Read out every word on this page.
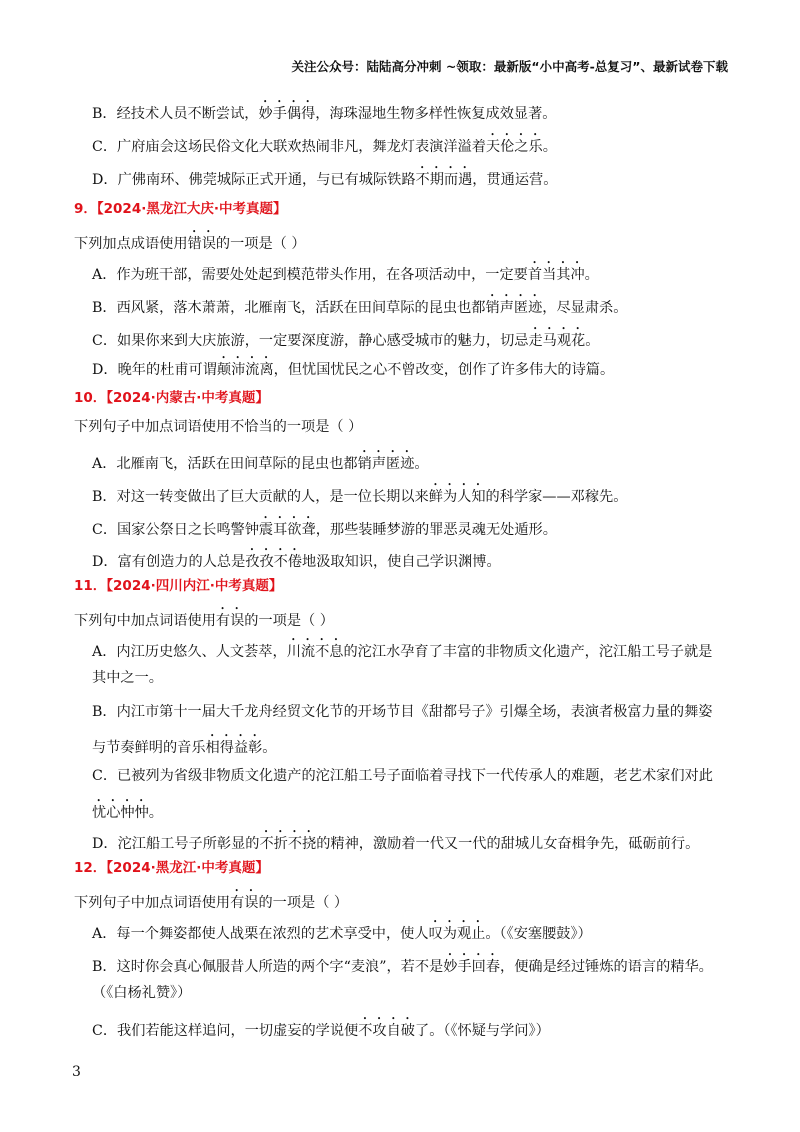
关注公众号：陆陆高分冲刺 ~领取：最新版“小中高考-总复习”、最新试卷下载
B．经技术人员不断尝试，妙手偶得，海珠湿地生物多样性恢复成效显著。
C．广府庙会这场民俗文化大联欢热闹非凡，舞龙灯表演洋溢着天伦之乐。
D．广佛南环、佛莞城际正式开通，与已有城际铁路不期而遇，贯通运营。
9．【2024·黑龙江大庆·中考真题】
下列加点成语使用错误的一项是（ ）
A．作为班干部，需要处处起到模范带头作用，在各项活动中，一定要首当其冲。
B．西风紧，落木萧萧，北雁南飞，活跃在田间草际的昆虫也都销声匿迹，尽显肃杀。
C．如果你来到大庆旅游，一定要深度游，静心感受城市的魅力，切忌走马观花。
D．晚年的杜甫可谓颠沛流离，但忧国忧民之心不曾改变，创作了许多伟大的诗篇。
10．【2024·内蒙古·中考真题】
下列句子中加点词语使用不恰当的一项是（ ）
A．北雁南飞，活跃在田间草际的昆虫也都销声匿迹。
B．对这一转变做出了巨大贡献的人，是一位长期以来鲜为人知的科学家——邓稼先。
C．国家公祭日之长鸣警钟震耳欲聋，那些装睡梦游的罪恶灵魂无处遁形。
D．富有创造力的人总是孜孜不倦地汲取知识，使自己学识渊博。
11．【2024·四川内江·中考真题】
下列句中加点词语使用有误的一项是（ ）
A．内江历史悠久、人文荟萃，川流不息的沱江水孕育了丰富的非物质文化遗产，沱江船工号子就是
其中之一。
B．内江市第十一届大千龙舟经贸文化节的开场节目《甜都号子》引爆全场，表演者极富力量的舞姿
与节奏鲜明的音乐相得益彰。
C．已被列为省级非物质文化遗产的沱江船工号子面临着寻找下一代传承人的难题，老艺术家们对此
忧心忡忡。
D．沱江船工号子所彰显的不折不挠的精神，激励着一代又一代的甜城儿女奋楫争先，砥砺前行。
12．【2024·黑龙江·中考真题】
下列句子中加点词语使用有误的一项是（ ）
A．每一个舞姿都使人战栗在浓烈的艺术享受中，使人叹为观止。（《安塞腰鼓》）
B．这时你会真心佩服昔人所造的两个字“麦浪”，若不是妙手回春，便确是经过锤炼的语言的精华。
（《白杨礼赞》）
C．我们若能这样追问，一切虚妄的学说便不攻自破了。（《怀疑与学问》）
3
